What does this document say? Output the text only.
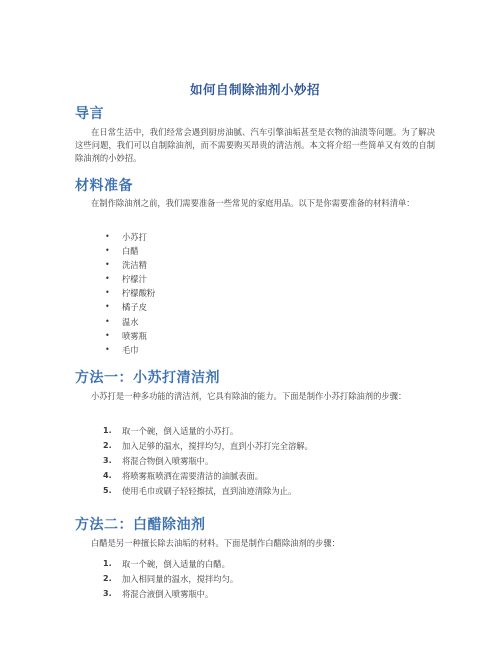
如何自制除油剂小妙招
导言
在日常生活中，我们经常会遇到厨房油腻、汽车引擎油垢甚至是衣物的油渍等问题。为了解决这些问题，我们可以自制除油剂，而不需要购买昂贵的清洁剂。本文将介绍一些简单又有效的自制除油剂的小妙招。
材料准备
在制作除油剂之前，我们需要准备一些常见的家庭用品。以下是你需要准备的材料清单：
• 小苏打
• 白醋
• 洗洁精
• 柠檬汁
• 柠檬酸粉
• 橘子皮
• 温水
• 喷雾瓶
• 毛巾
方法一：小苏打清洁剂
小苏打是一种多功能的清洁剂，它具有除油的能力。下面是制作小苏打除油剂的步骤：
1. 取一个碗，倒入适量的小苏打。
2. 加入足够的温水，搅拌均匀，直到小苏打完全溶解。
3. 将混合物倒入喷雾瓶中。
4. 将喷雾瓶喷洒在需要清洁的油腻表面。
5. 使用毛巾或刷子轻轻擦拭，直到油迹清除为止。
方法二：白醋除油剂
白醋是另一种擅长除去油垢的材料。下面是制作白醋除油剂的步骤：
1. 取一个碗，倒入适量的白醋。
2. 加入相同量的温水，搅拌均匀。
3. 将混合液倒入喷雾瓶中。
